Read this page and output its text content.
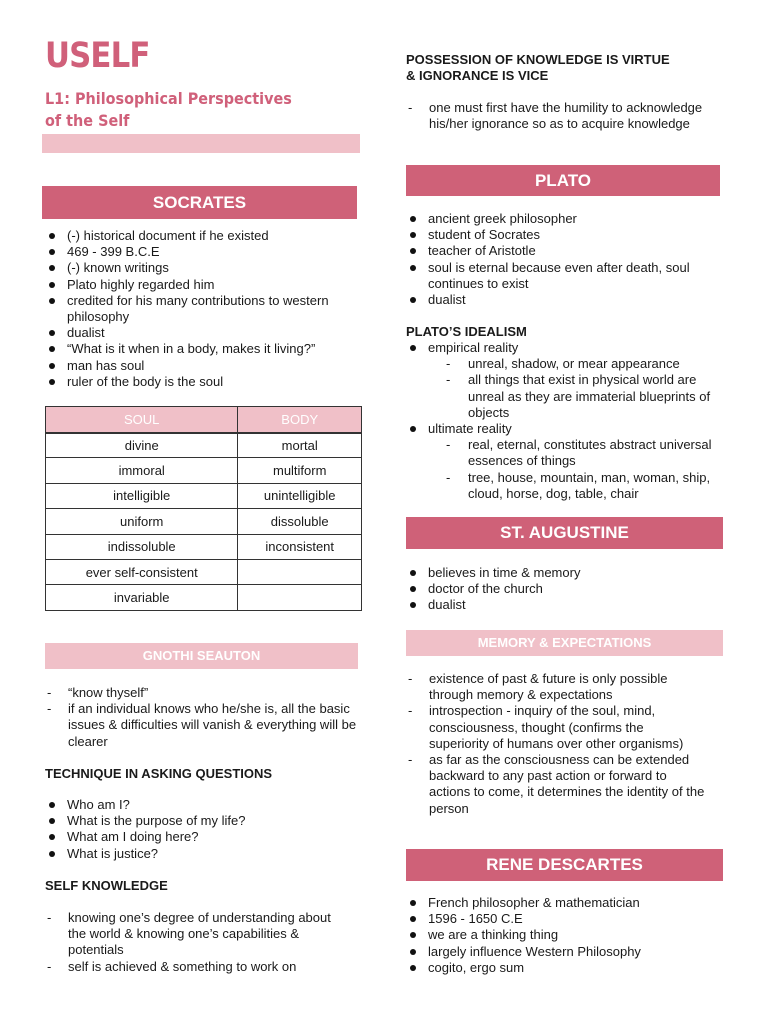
USELF
L1: Philosophical Perspectives
of the Self
SOCRATES
(-) historical document if he existed
469 - 399 B.C.E
(-) known writings
Plato highly regarded him
credited for his many contributions to western philosophy
dualist
“What is it when in a body, makes it living?”
man has soul
ruler of the body is the soul
SOUL	BODY
divine	mortal
immoral	multiform
intelligible	unintelligible
uniform	dissoluble
indissoluble	inconsistent
ever self-consistent	
invariable	
GNOTHI SEAUTON
- “know thyself”
- if an individual knows who he/she is, all the basic issues & difficulties will vanish & everything will be clearer
TECHNIQUE IN ASKING QUESTIONS
Who am I?
What is the purpose of my life?
What am I doing here?
What is justice?
SELF KNOWLEDGE
- knowing one’s degree of understanding about the world & knowing one’s capabilities & potentials
- self is achieved & something to work on
POSSESSION OF KNOWLEDGE IS VIRTUE
& IGNORANCE IS VICE
- one must first have the humility to acknowledge his/her ignorance so as to acquire knowledge
PLATO
ancient greek philosopher
student of Socrates
teacher of Aristotle
soul is eternal because even after death, soul continues to exist
dualist
PLATO’S IDEALISM
empirical reality
- unreal, shadow, or mear appearance
- all things that exist in physical world are unreal as they are immaterial blueprints of objects
ultimate reality
- real, eternal, constitutes abstract universal essences of things
- tree, house, mountain, man, woman, ship, cloud, horse, dog, table, chair
ST. AUGUSTINE
believes in time & memory
doctor of the church
dualist
MEMORY & EXPECTATIONS
- existence of past & future is only possible through memory & expectations
- introspection - inquiry of the soul, mind, consciousness, thought (confirms the superiority of humans over other organisms)
- as far as the consciousness can be extended backward to any past action or forward to actions to come, it determines the identity of the person
RENE DESCARTES
French philosopher & mathematician
1596 - 1650 C.E
we are a thinking thing
largely influence Western Philosophy
cogito, ergo sum
